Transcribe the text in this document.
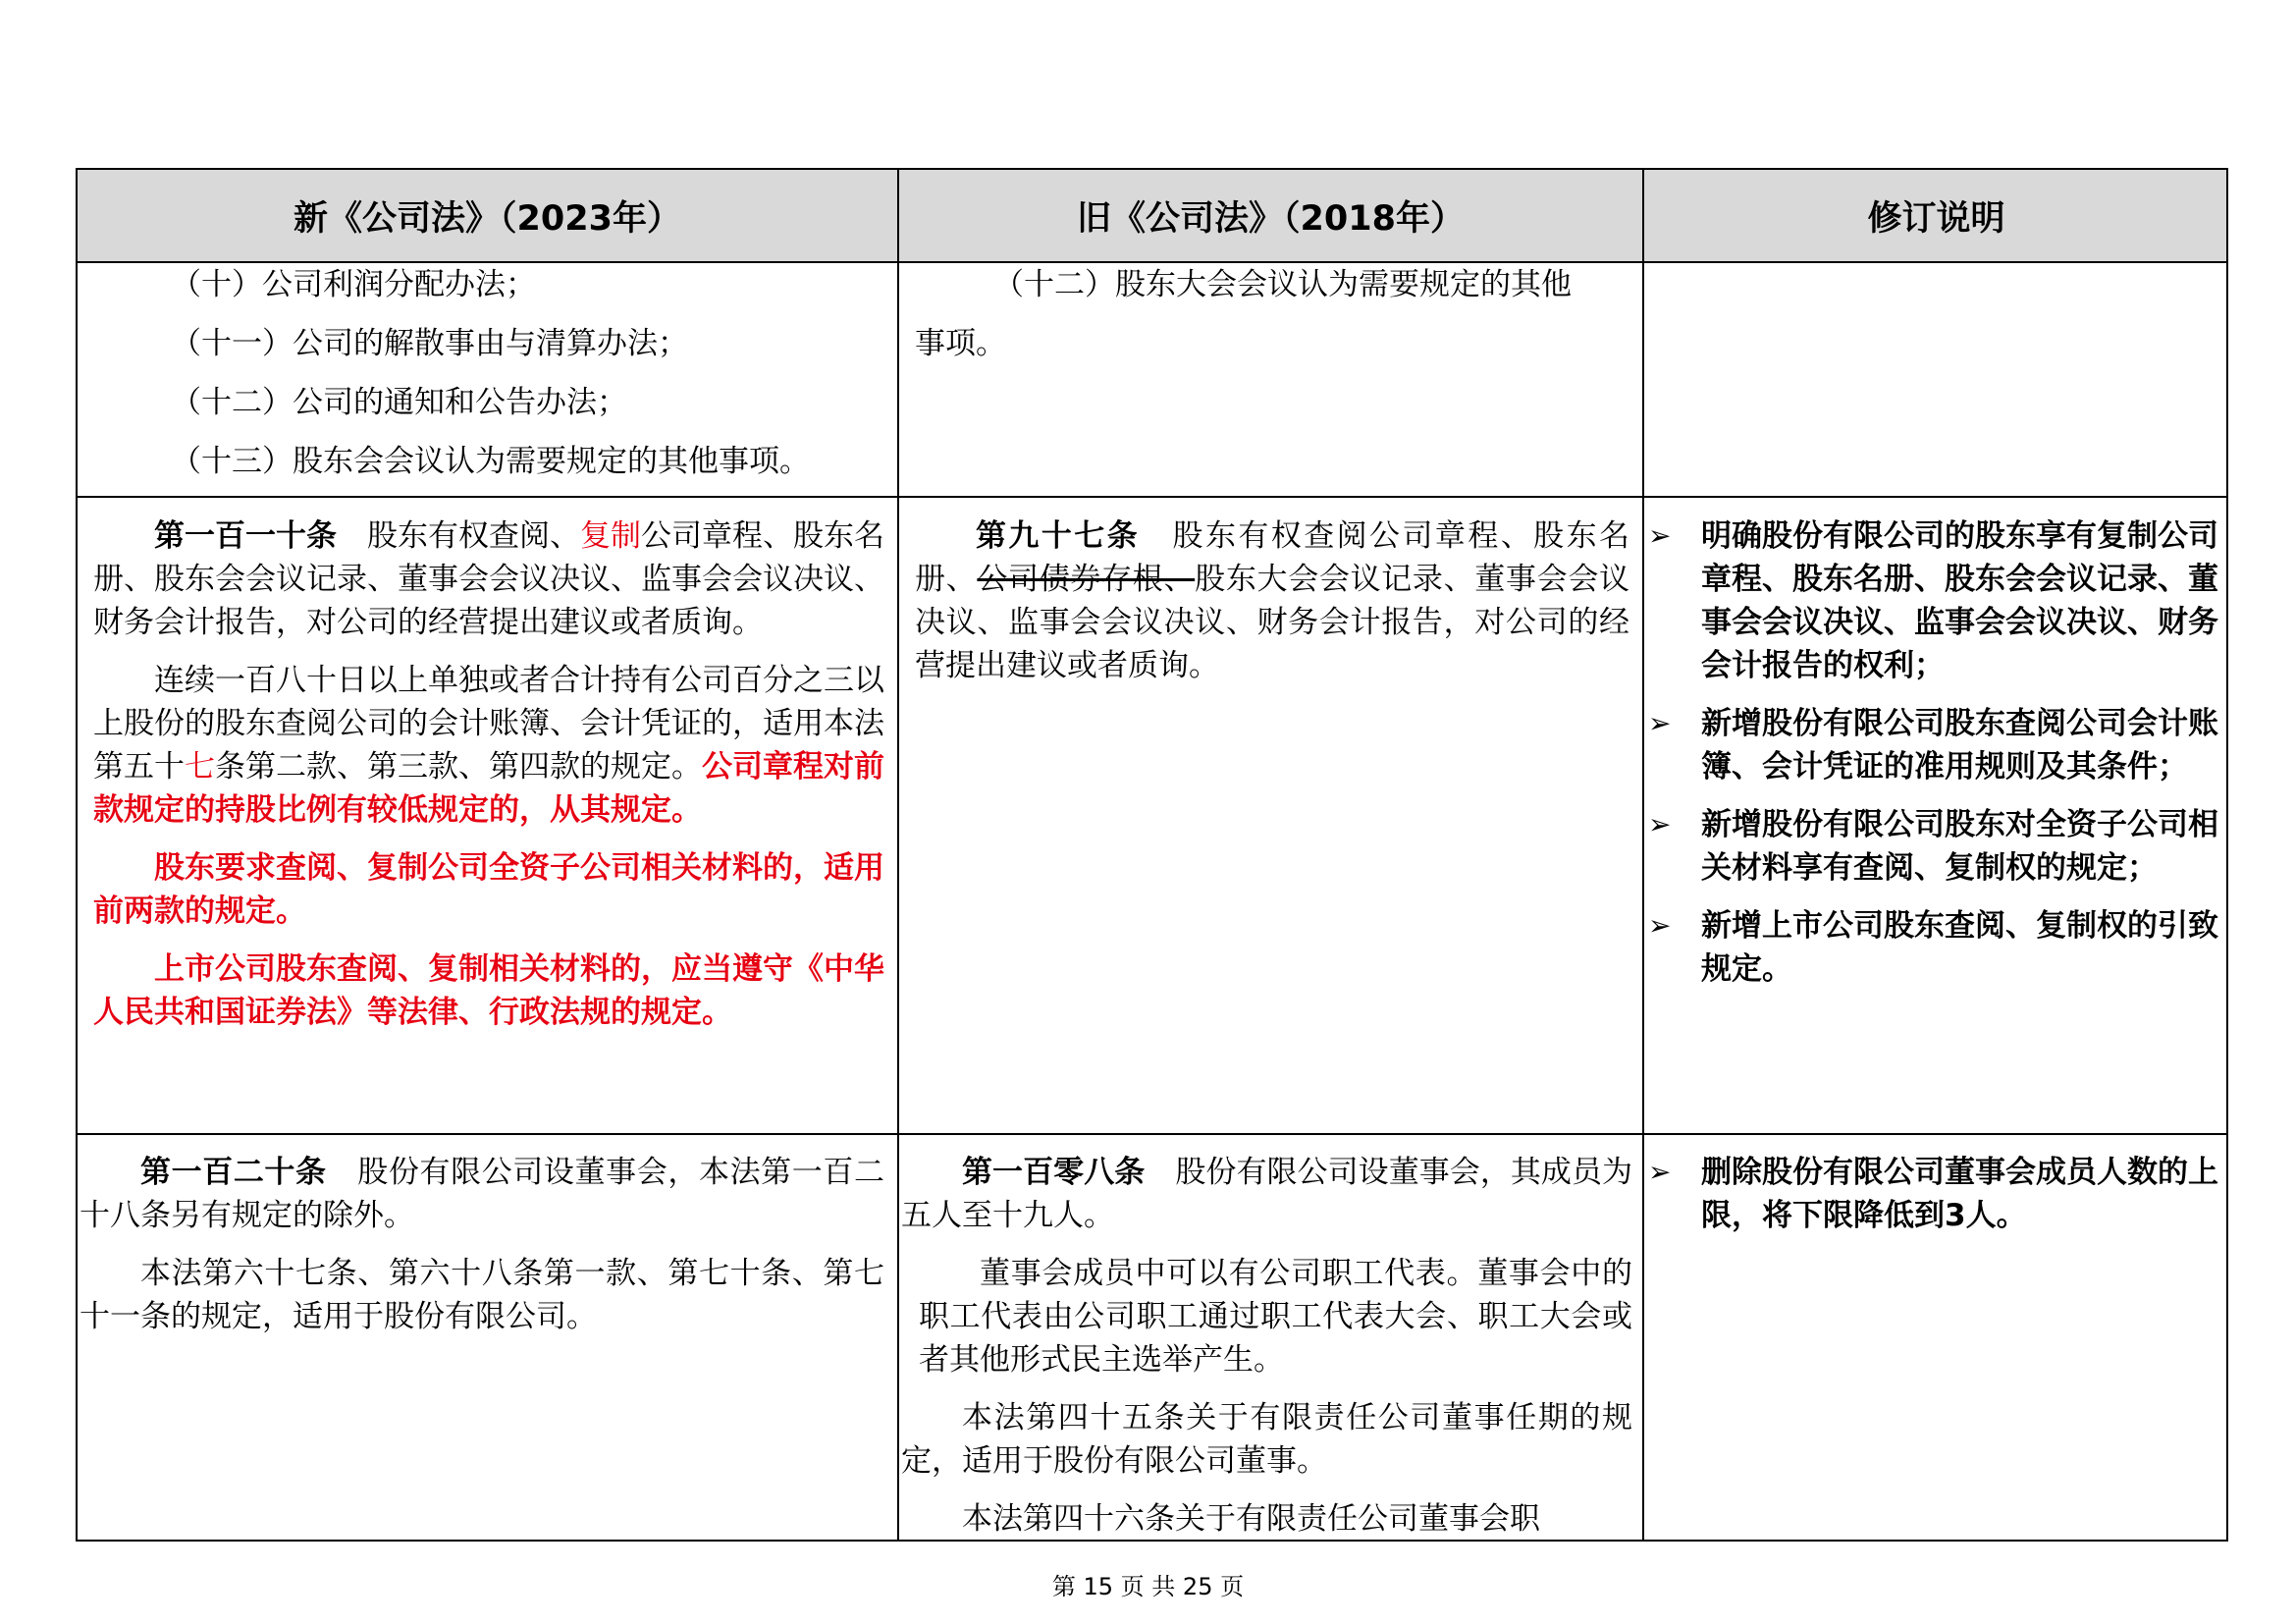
新《公司法》（2023年）	旧《公司法》（2018年）	修订说明

（十）公司利润分配办法；

（十一）公司的解散事由与清算办法；

（十二）公司的通知和公告办法；

（十三）股东会会议认为需要规定的其他事项。

（十二）股东大会会议认为需要规定的其他

事项。

第一百一十条　 股东有权查阅、复制公司章程、股东名册、股东会会议记录、董事会会议决议、监事会会议决议、财务会计报告，对公司的经营提出建议或者质询。

连续一百八十日以上单独或者合计持有公司百分之三以上股份的股东查阅公司的会计账簿、会计凭证的，适用本法第五十七条第二款、第三款、第四款的规定。公司章程对前款规定的持股比例有较低规定的，从其规定。

股东要求查阅、复制公司全资子公司相关材料的，适用前两款的规定。

上市公司股东查阅、复制相关材料的，应当遵守《中华人民共和国证券法》等法律、行政法规的规定。

第九十七条　 股东有权查阅公司章程、股东名册、公司债券存根、股东大会会议记录、董事会会议决议、监事会会议决议、财务会计报告，对公司的经营提出建议或者质询。

➢ 明确股份有限公司的股东享有复制公司章程、股东名册、股东会会议记录、董事会会议决议、监事会会议决议、财务会计报告的权利；
➢ 新增股份有限公司股东查阅公司会计账簿、会计凭证的准用规则及其条件；
➢ 新增股份有限公司股东对全资子公司相关材料享有查阅、复制权的规定；
➢ 新增上市公司股东查阅、复制权的引致规定。

第一百二十条　 股份有限公司设董事会，本法第一百二十八条另有规定的除外。

本法第六十七条、第六十八条第一款、第七十条、第七十一条的规定，适用于股份有限公司。

第一百零八条　 股份有限公司设董事会，其成员为五人至十九人。

董事会成员中可以有公司职工代表。董事会中的职工代表由公司职工通过职工代表大会、职工大会或者其他形式民主选举产生。

本法第四十五条关于有限责任公司董事任期的规定，适用于股份有限公司董事。

本法第四十六条关于有限责任公司董事会职

➢ 删除股份有限公司董事会成员人数的上限，将下限降低到3人。
第 15 页 共 25 页
